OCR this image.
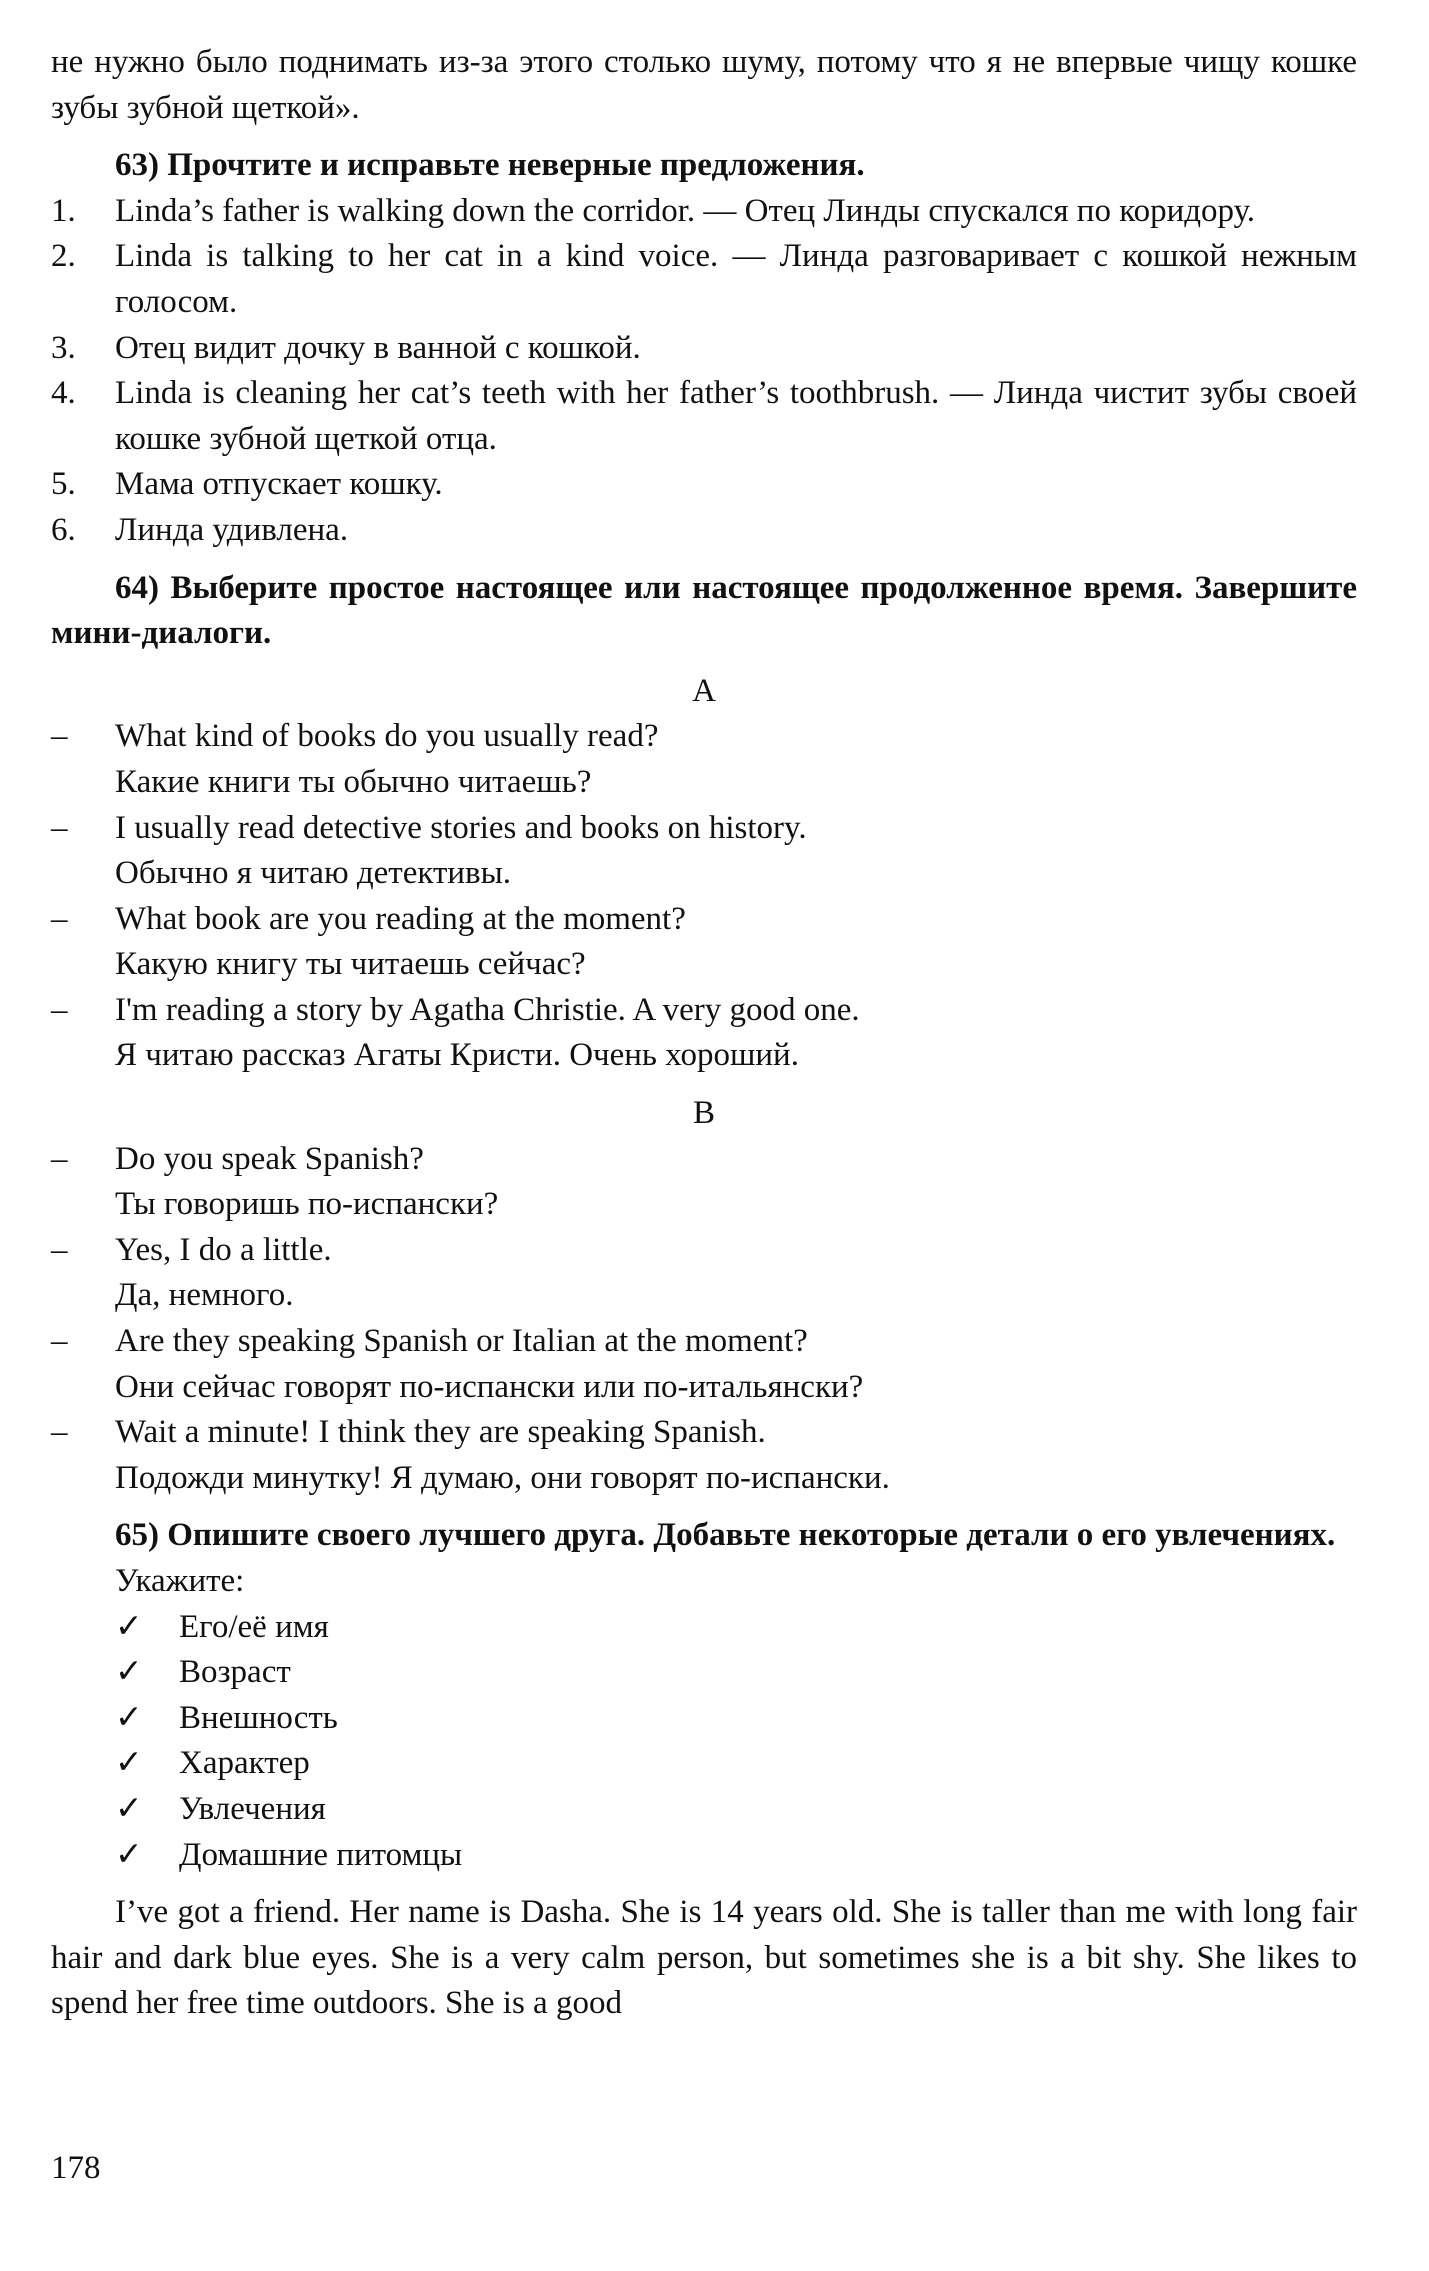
не нужно было поднимать из-за этого столько шуму, потому что я не впервые чищу кошке зубы зубной щеткой».

63) Прочтите и исправьте неверные предложения.

1.	Linda’s father is walking down the corridor. — Отец Линды спускался по коридору.
2.	Linda is talking to her cat in a kind voice. — Линда разговаривает с кошкой нежным голосом.
3.	Отец видит дочку в ванной с кошкой.
4.	Linda is cleaning her cat’s teeth with her father’s toothbrush. — Линда чистит зубы своей кошке зубной щеткой отца.
5.	Мама отпускает кошку.
6.	Линда удивлена.

64) Выберите простое настоящее или настоящее продолженное время. Завершите мини-диалоги.

A

–	What kind of books do you usually read?

Какие книги ты обычно читаешь?

–	I usually read detective stories and books on history.

Обычно я читаю детективы.

–	What book are you reading at the moment?

Какую книгу ты читаешь сейчас?

–	I'm reading a story by Agatha Christie. A very good one.

Я читаю рассказ Агаты Кристи. Очень хороший.

B

–	Do you speak Spanish?

Ты говоришь по-испански?

–	Yes, I do a little.

Да, немного.

–	Are they speaking Spanish or Italian at the moment?

Они сейчас говорят по-испански или по-итальянски?

–	Wait a minute! I think they are speaking Spanish.

Подожди минутку! Я думаю, они говорят по-испански.

65) Опишите своего лучшего друга. Добавьте некоторые детали о его увлечениях.

Укажите:

✓	Его/её имя
✓	Возраст
✓	Внешность
✓	Характер
✓	Увлечения
✓	Домашние питомцы

I’ve got a friend. Her name is Dasha. She is 14 years old. She is taller than me with long fair hair and dark blue eyes. She is a very calm person, but sometimes she is a bit shy. She likes to spend her free time outdoors. She is a good

178
